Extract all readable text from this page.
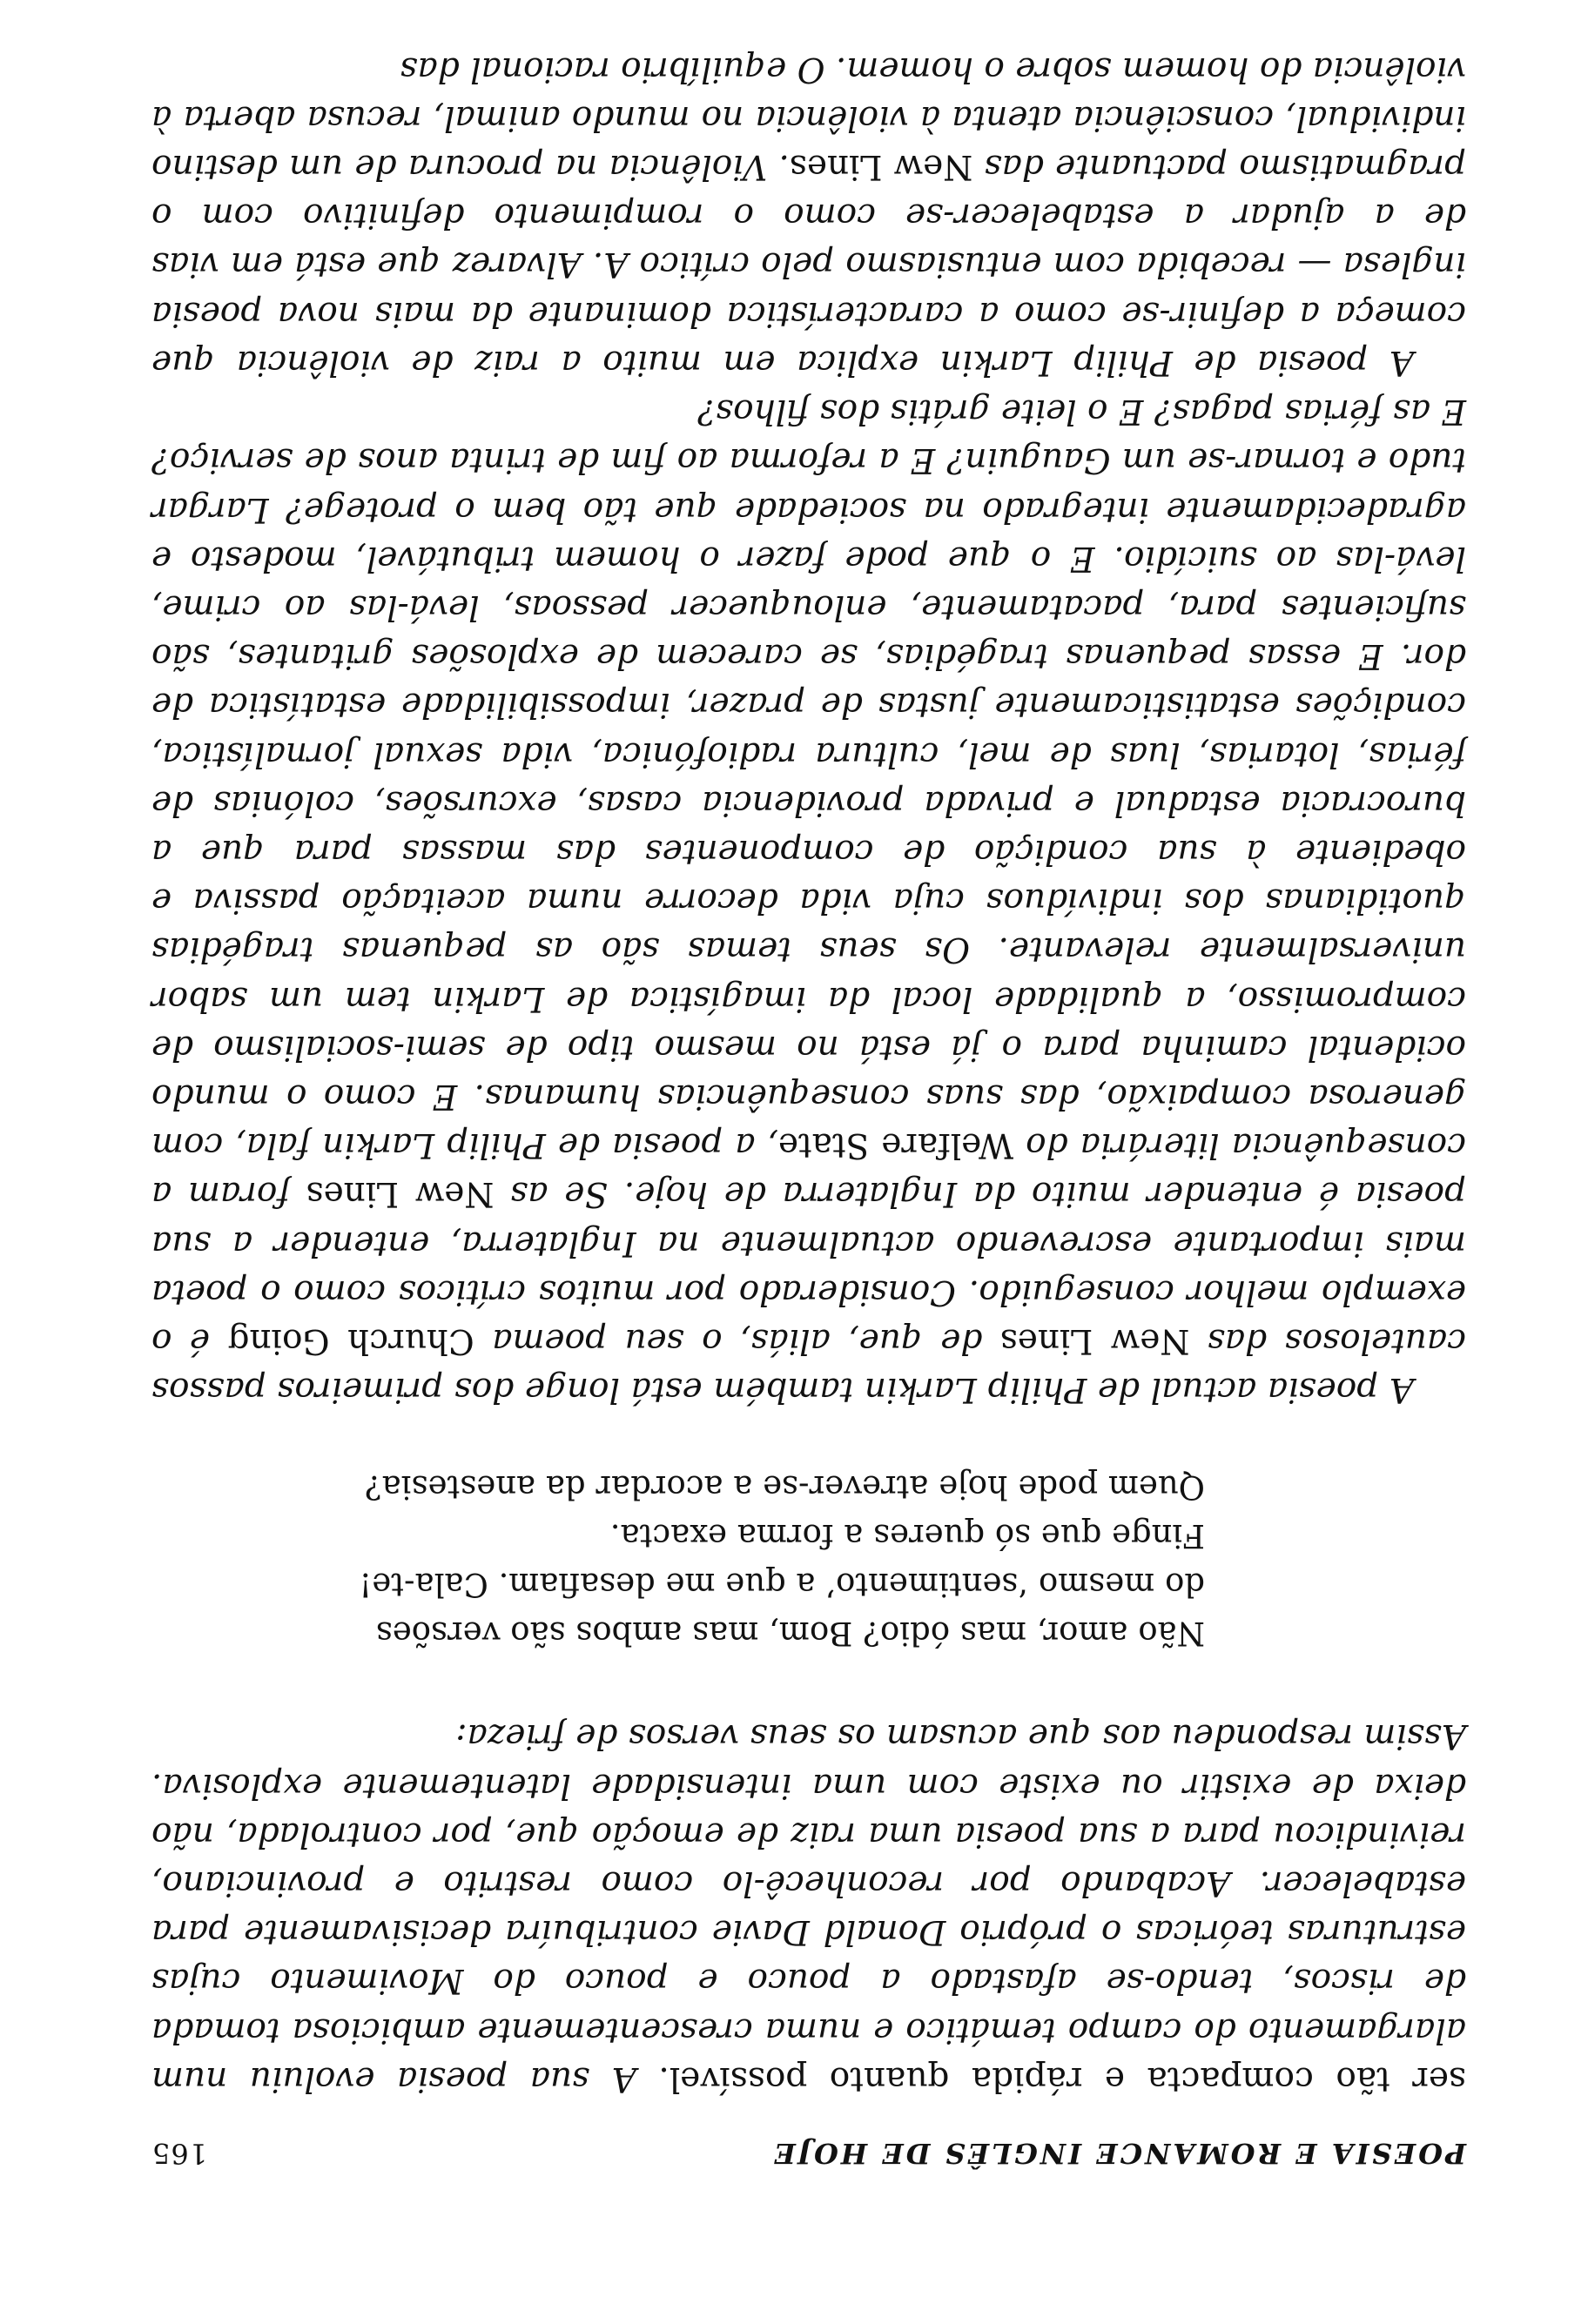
POESIA E ROMANCE INGLÊS DE HOJE
165

ser tão compacta e rápida quanto possível. A sua poesia evoluiu num alargamento do campo temático e numa crescentemente ambiciosa tomada de riscos, tendo-se afastado a pouco e pouco do Movimento cujas estruturas teóricas o próprio Donald Davie contribuíra decisivamente para estabelecer. Acabando por reconhecê-lo como restrito e provinciano, reivindicou para a sua poesia uma raiz de emoção que, por controlada, não deixa de existir ou existe com uma intensidade latentemente explosiva. Assim respondeu aos que acusam os seus versos de frieza:

Não amor, mas ódio? Bom, mas ambos são versões
do mesmo ‘sentimento’ a que me desafiam. Cala-te!
Finge que só queres a forma exacta.
Quem pode hoje atrever-se a acordar da anestesia?

A poesia actual de Philip Larkin também está longe dos primeiros passos cautelosos das New Lines de que, aliás, o seu poema Church Going é o exemplo melhor conseguido. Considerado por muitos críticos como o poeta mais importante escrevendo actualmente na Inglaterra, entender a sua poesia é entender muito da Inglaterra de hoje. Se as New Lines foram a consequência literária do Welfare State, a poesia de Philip Larkin fala, com generosa compaixão, das suas consequências humanas. E como o mundo ocidental caminha para o já está no mesmo tipo de semi-socialismo de compromisso, a qualidade local da imagística de Larkin tem um sabor universalmente relevante. Os seus temas são as pequenas tragédias quotidianas dos indivíduos cuja vida decorre numa aceitação passiva e obediente à sua condição de componentes das massas para que a burocracia estadual e privada providencia casas, excursões, colónias de férias, lotarias, luas de mel, cultura radiofónica, vida sexual jornalística, condições estatisticamente justas de prazer, impossibilidade estatística de dor. E essas pequenas tragédias, se carecem de explosões gritantes, são suficientes para, pacatamente, enlouquecer pessoas, levá-las ao crime, levá-las ao suicídio. E o que pode fazer o homem tributável, modesto e agradecidamente integrado na sociedade que tão bem o protege? Largar tudo e tornar-se um Gauguin? E a reforma ao fim de trinta anos de serviço? E as férias pagas? E o leite grátis dos filhos?

A poesia de Philip Larkin explica em muito a raiz de violência que começa a definir-se como a característica dominante da mais nova poesia inglesa — recebida com entusiasmo pelo crítico A. Alvarez que está em vias de a ajudar a estabelecer-se como o rompimento definitivo com o pragmatismo pactuante das New Lines. Violência na procura de um destino individual, consciência atenta à violência no mundo animal, recusa aberta à violência do homem sobre o homem. O equilíbrio racional das
